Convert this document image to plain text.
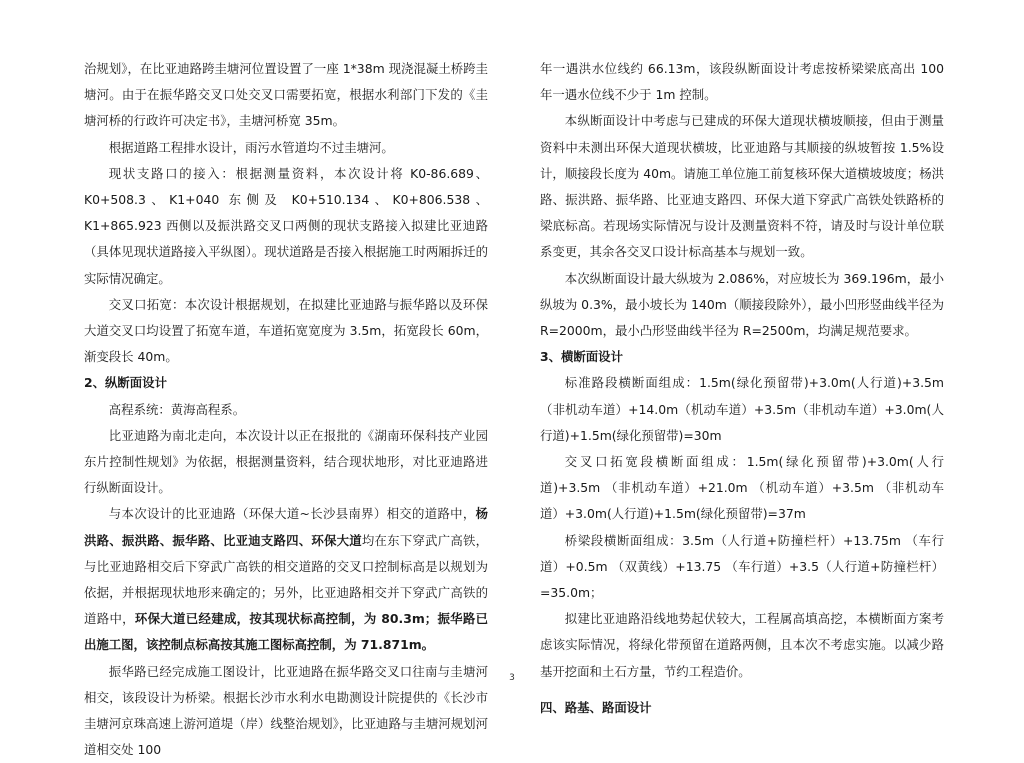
治规划》，在比亚迪路跨圭塘河位置设置了一座 1*38m 现浇混凝土桥跨圭塘河。由于在振华路交叉口处交叉口需要拓宽，根据水利部门下发的《圭塘河桥的行政许可决定书》，圭塘河桥宽 35m。

根据道路工程排水设计，雨污水管道均不过圭塘河。

现状支路口的接入：根据测量资料，本次设计将 K0-86.689、K0+508.3、K1+040 东侧及 K0+510.134、K0+806.538、K1+865.923 西侧以及振洪路交叉口两侧的现状支路接入拟建比亚迪路（具体见现状道路接入平纵图）。现状道路是否接入根据施工时两厢拆迁的实际情况确定。

交叉口拓宽：本次设计根据规划，在拟建比亚迪路与振华路以及环保大道交叉口均设置了拓宽车道，车道拓宽宽度为 3.5m，拓宽段长 60m，渐变段长 40m。

2、纵断面设计

高程系统：黄海高程系。

比亚迪路为南北走向，本次设计以正在报批的《湖南环保科技产业园东片控制性规划》为依据，根据测量资料，结合现状地形，对比亚迪路进行纵断面设计。

与本次设计的比亚迪路（环保大道~长沙县南界）相交的道路中，杨洪路、振洪路、振华路、比亚迪支路四、环保大道均在东下穿武广高铁，与比亚迪路相交后下穿武广高铁的相交道路的交叉口控制标高是以规划为依据，并根据现状地形来确定的；另外，比亚迪路相交并下穿武广高铁的道路中，环保大道已经建成，按其现状标高控制，为 80.3m；振华路已出施工图，该控制点标高按其施工图标高控制，为 71.871m。

振华路已经完成施工图设计，比亚迪路在振华路交叉口往南与圭塘河相交，该段设计为桥梁。根据长沙市水利水电勘测设计院提供的《长沙市圭塘河京珠高速上游河道堤（岸）线整治规划》，比亚迪路与圭塘河规划河道相交处 100

年一遇洪水位线约 66.13m，该段纵断面设计考虑按桥梁梁底高出 100 年一遇水位线不少于 1m 控制。

本纵断面设计中考虑与已建成的环保大道现状横坡顺接，但由于测量资料中未测出环保大道现状横坡，比亚迪路与其顺接的纵坡暂按 1.5%设计，顺接段长度为 40m。请施工单位施工前复核环保大道横坡坡度；杨洪路、振洪路、振华路、比亚迪支路四、环保大道下穿武广高铁处铁路桥的梁底标高。若现场实际情况与设计及测量资料不符，请及时与设计单位联系变更，其余各交叉口设计标高基本与规划一致。

本次纵断面设计最大纵坡为 2.086%，对应坡长为 369.196m，最小纵坡为 0.3%，最小坡长为 140m（顺接段除外），最小凹形竖曲线半径为 R=2000m，最小凸形竖曲线半径为 R=2500m，均满足规范要求。

3、横断面设计

标准路段横断面组成：1.5m(绿化预留带)+3.0m(人行道)+3.5m （非机动车道）+14.0m（机动车道）+3.5m（非机动车道）+3.0m(人行道)+1.5m(绿化预留带)=30m

交叉口拓宽段横断面组成：1.5m(绿化预留带)+3.0m(人行道)+3.5m （非机动车道）+21.0m （机动车道）+3.5m （非机动车道）+3.0m(人行道)+1.5m(绿化预留带)=37m

桥梁段横断面组成：3.5m（人行道+防撞栏杆）+13.75m （车行道）+0.5m （双黄线）+13.75 （车行道）+3.5（人行道+防撞栏杆）=35.0m；

拟建比亚迪路沿线地势起伏较大，工程属高填高挖，本横断面方案考虑该实际情况，将绿化带预留在道路两侧，且本次不考虑实施。以减少路基开挖面和土石方量，节约工程造价。

四、路基、路面设计

3
